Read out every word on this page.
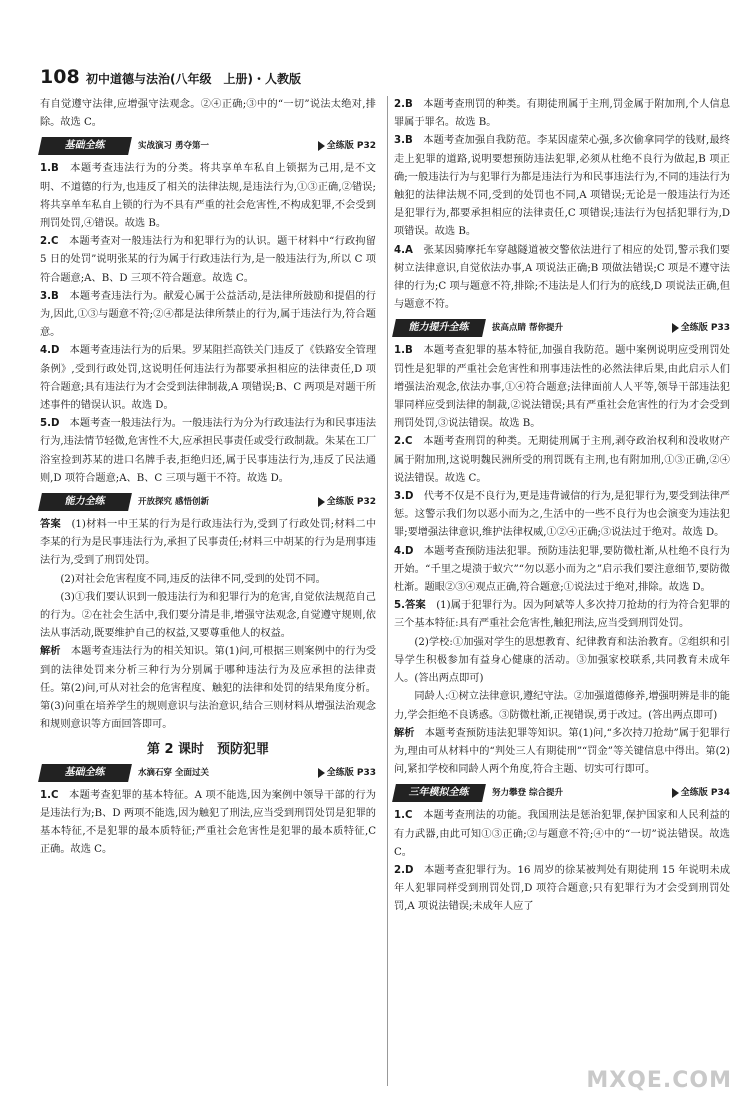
108 初中道德与法治(八年级　上册)・人教版

有自觉遵守法律,应增强守法观念。②④正确;③中的“一切”说法太绝对,排除。故选 C。

基础全练	实战演习 勇夺第一	全练版 P32

1.B　 本题考查违法行为的分类。将共享单车私自上锁据为己用,是不文明、不道德的行为,也违反了相关的法律法规,是违法行为,①③正确,②错误;将共享单车私自上锁的行为不具有严重的社会危害性,不构成犯罪,不会受到刑罚处罚,④错误。故选 B。

2.C　 本题考查对一般违法行为和犯罪行为的认识。题干材料中“行政拘留 5 日的处罚”说明张某的行为属于行政违法行为,是一般违法行为,所以 C 项符合题意;A、B、D 三项不符合题意。故选 C。

3.B　 本题考查违法行为。献爱心属于公益活动,是法律所鼓励和提倡的行为,因此,①③与题意不符;②④都是法律所禁止的行为,属于违法行为,符合题意。

4.D　 本题考查违法行为的后果。罗某阻拦高铁关门违反了《铁路安全管理条例》,受到行政处罚,这说明任何违法行为都要承担相应的法律责任,D 项符合题意;具有违法行为才会受到法律制裁,A 项错误;B、C 两项是对题干所述事件的错误认识。故选 D。

5.D　 本题考查一般违法行为。一般违法行为分为行政违法行为和民事违法行为,违法情节轻微,危害性不大,应承担民事责任或受行政制裁。朱某在工厂浴室捡到苏某的进口名牌手表,拒绝归还,属于民事违法行为,违反了民法通则,D 项符合题意;A、B、C 三项与题干不符。故选 D。

能力全练	开放探究 感悟创新	全练版 P32

答案　 (1)材料一中王某的行为是行政违法行为,受到了行政处罚;材料二中李某的行为是民事违法行为,承担了民事责任;材料三中胡某的行为是刑事违法行为,受到了刑罚处罚。

(2)对社会危害程度不同,违反的法律不同,受到的处罚不同。

(3)①我们要认识到一般违法行为和犯罪行为的危害,自觉依法规范自己的行为。②在社会生活中,我们要分清是非,增强守法观念,自觉遵守规则,依法从事活动,既要维护自己的权益,又要尊重他人的权益。

解析　 本题考查违法行为的相关知识。第(1)问,可根据三则案例中的行为受到的法律处罚来分析三种行为分别属于哪种违法行为及应承担的法律责任。第(2)问,可从对社会的危害程度、触犯的法律和处罚的结果角度分析。第(3)问重在培养学生的规则意识与法治意识,结合三则材料从增强法治观念和规则意识等方面回答即可。

第 2 课时　预防犯罪
基础全练	水滴石穿 全面过关	全练版 P33

1.C　 本题考查犯罪的基本特征。A 项不能选,因为案例中领导干部的行为是违法行为;B、D 两项不能选,因为触犯了刑法,应当受到刑罚处罚是犯罪的基本特征,不是犯罪的最本质特征;严重社会危害性是犯罪的最本质特征,C 正确。故选 C。

2.B　 本题考查刑罚的种类。有期徒刑属于主刑,罚金属于附加刑,个人信息罪属于罪名。故选 B。

3.B　 本题考查加强自我防范。李某因虚荣心强,多次偷拿同学的钱财,最终走上犯罪的道路,说明要想预防违法犯罪,必须从杜绝不良行为做起,B 项正确;一般违法行为与犯罪行为都是违法行为和民事违法行为,不同的违法行为触犯的法律法规不同,受到的处罚也不同,A 项错误;无论是一般违法行为还是犯罪行为,都要承担相应的法律责任,C 项错误;违法行为包括犯罪行为,D 项错误。故选 B。

4.A　 张某因骑摩托车穿越隧道被交警依法进行了相应的处罚,警示我们要树立法律意识,自觉依法办事,A 项说法正确;B 项做法错误;C 项是不遵守法律的行为;C 项与题意不符,排除;不违法是人们行为的底线,D 项说法正确,但与题意不符。

能力提升全练	拔高点睛 帮你提升	全练版 P33

1.B　 本题考查犯罪的基本特征,加强自我防范。题中案例说明应受刑罚处罚性是犯罪的严重社会危害性和刑事违法性的必然法律后果,由此启示人们增强法治观念,依法办事,①④符合题意;法律面前人人平等,领导干部违法犯罪同样应受到法律的制裁,②说法错误;具有严重社会危害性的行为才会受到刑罚处罚,③说法错误。故选 B。

2.C　 本题考查刑罚的种类。无期徒刑属于主刑,剥夺政治权利和没收财产属于附加刑,这说明魏民洲所受的刑罚既有主刑,也有附加刑,①③正确,②④说法错误。故选 C。

3.D　 代考不仅是不良行为,更是违背诚信的行为,是犯罪行为,要受到法律严惩。这警示我们勿以恶小而为之,生活中的一些不良行为也会演变为违法犯罪;要增强法律意识,维护法律权威,①②④正确;③说法过于绝对。故选 D。

4.D　 本题考查预防违法犯罪。预防违法犯罪,要防微杜渐,从杜绝不良行为开始。“千里之堤溃于蚁穴”“勿以恶小而为之”启示我们要注意细节,要防微杜渐。题眼②③④观点正确,符合题意;①说法过于绝对,排除。故选 D。

5.答案　 (1)属于犯罪行为。因为阿斌等人多次持刀抢劫的行为符合犯罪的三个基本特征:具有严重社会危害性,触犯刑法,应当受到刑罚处罚。

(2)学校:①加强对学生的思想教育、纪律教育和法治教育。②组织和引导学生积极参加有益身心健康的活动。③加强家校联系,共同教育未成年人。(答出两点即可)

同龄人:①树立法律意识,遵纪守法。②加强道德修养,增强明辨是非的能力,学会拒绝不良诱惑。③防微杜渐,正视错误,勇于改过。(答出两点即可)

解析　 本题考查预防违法犯罪等知识。第(1)问,“多次持刀抢劫”属于犯罪行为,理由可从材料中的“判处三人有期徒刑”“罚金”等关键信息中得出。第(2)问,紧扣学校和同龄人两个角度,符合主题、切实可行即可。

三年模拟全练	努力攀登 综合提升	全练版 P34

1.C　 本题考查刑法的功能。我国刑法是惩治犯罪,保护国家和人民利益的有力武器,由此可知①③正确;②与题意不符;④中的“一切”说法错误。故选 C。

2.D　 本题考查犯罪行为。16 周岁的徐某被判处有期徒刑 15 年说明未成年人犯罪同样受到刑罚处罚,D 项符合题意;只有犯罪行为才会受到刑罚处罚,A 项说法错误;未成年人应了

MXQE.COM
